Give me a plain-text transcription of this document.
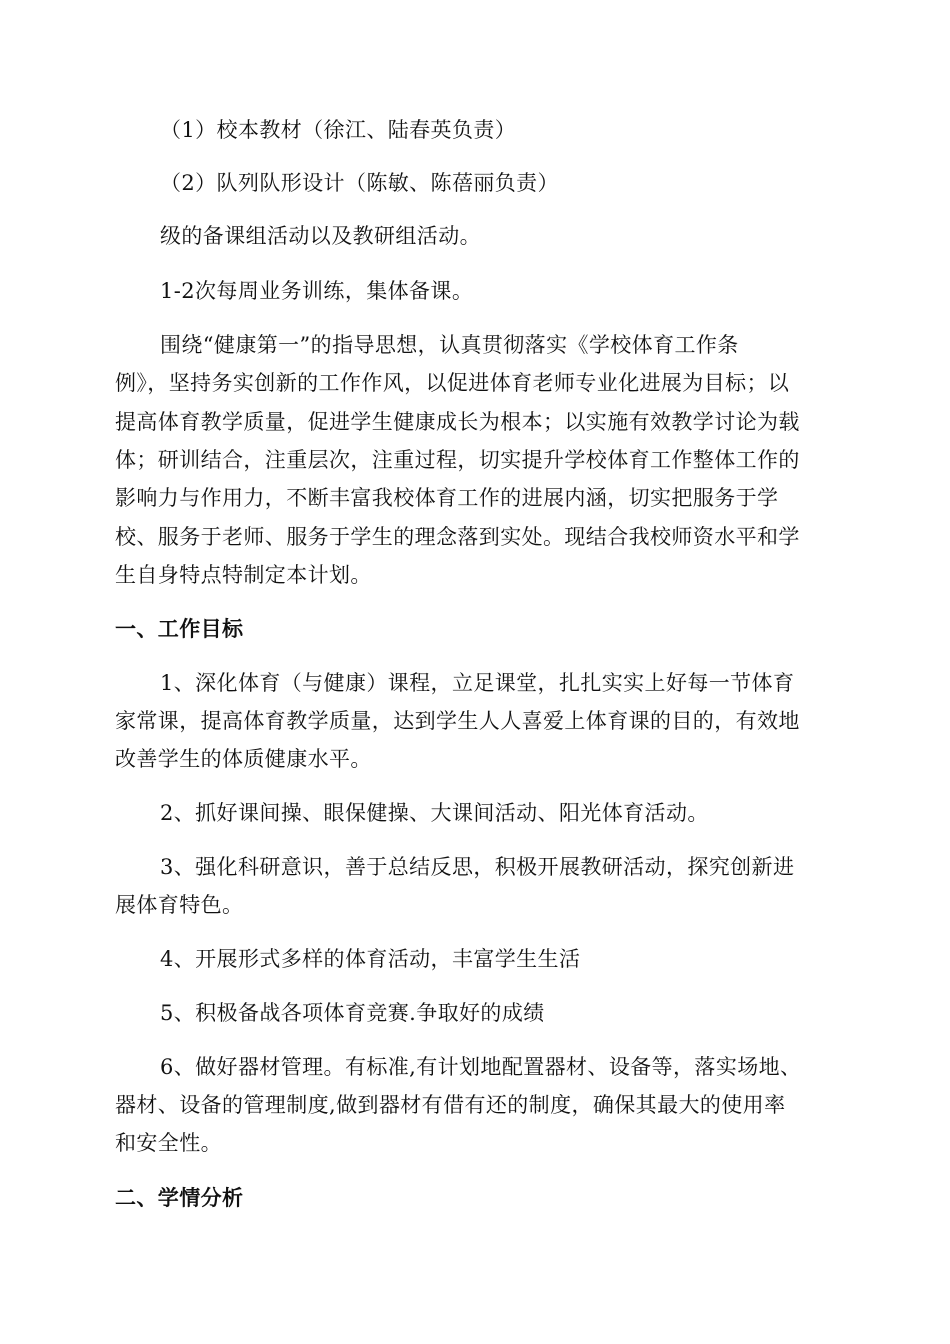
（1）校本教材（徐江、陆春英负责）
（2）队列队形设计（陈敏、陈蓓丽负责）
级的备课组活动以及教研组活动。
1-2次每周业务训练，集体备课。
围绕“健康第一”的指导思想，认真贯彻落实《学校体育工作条
例》，坚持务实创新的工作作风，以促进体育老师专业化进展为目标；以
提高体育教学质量，促进学生健康成长为根本；以实施有效教学讨论为载
体；研训结合，注重层次，注重过程，切实提升学校体育工作整体工作的
影响力与作用力，不断丰富我校体育工作的进展内涵，切实把服务于学
校、服务于老师、服务于学生的理念落到实处。现结合我校师资水平和学
生自身特点特制定本计划。
一、工作目标
1、深化体育（与健康）课程，立足课堂，扎扎实实上好每一节体育
家常课，提高体育教学质量，达到学生人人喜爱上体育课的目的，有效地
改善学生的体质健康水平。
2、抓好课间操、眼保健操、大课间活动、阳光体育活动。
3、强化科研意识，善于总结反思，积极开展教研活动，探究创新进
展体育特色。
4、开展形式多样的体育活动，丰富学生生活
5、积极备战各项体育竞赛.争取好的成绩
6、做好器材管理。有标准,有计划地配置器材、设备等，落实场地、
器材、设备的管理制度,做到器材有借有还的制度，确保其最大的使用率
和安全性。
二、学情分析
